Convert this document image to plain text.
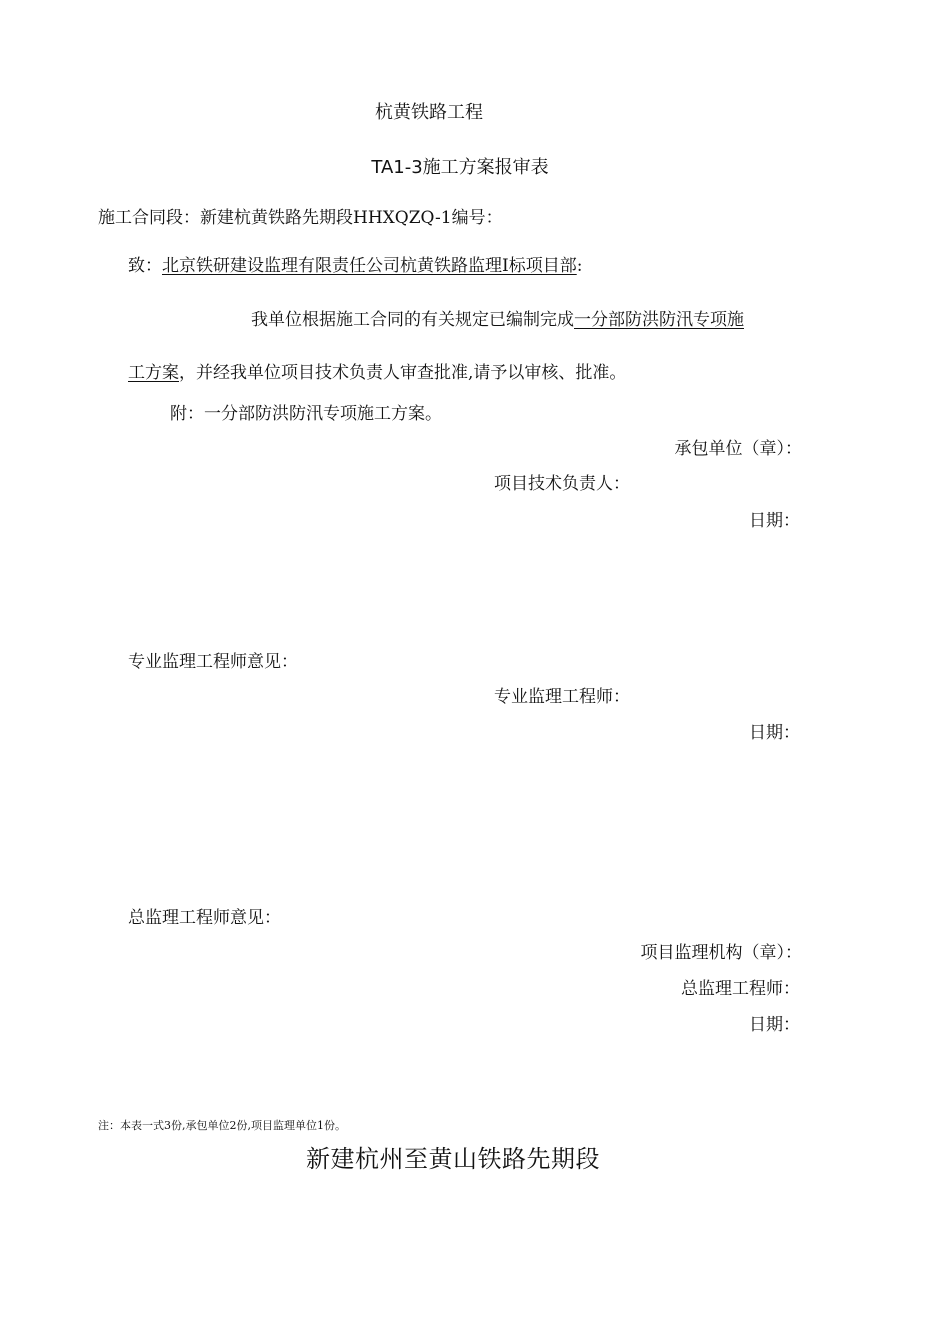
杭黄铁路工程
TA1-3施工方案报审表
施工合同段：新建杭黄铁路先期段HHXQZQ-1编号：
致：北京铁研建设监理有限责任公司杭黄铁路监理Ⅰ标项目部:
我单位根据施工合同的有关规定已编制完成一分部防洪防汛专项施
工方案，并经我单位项目技术负责人审查批准,请予以审核、批准。
附：一分部防洪防汛专项施工方案。
承包单位（章）：
项目技术负责人：
日期：
专业监理工程师意见：
专业监理工程师：
日期：
总监理工程师意见：
项目监理机构（章）：
总监理工程师：
日期：
注：本表一式3份,承包单位2份,项目监理单位1份。
新建杭州至黄山铁路先期段
